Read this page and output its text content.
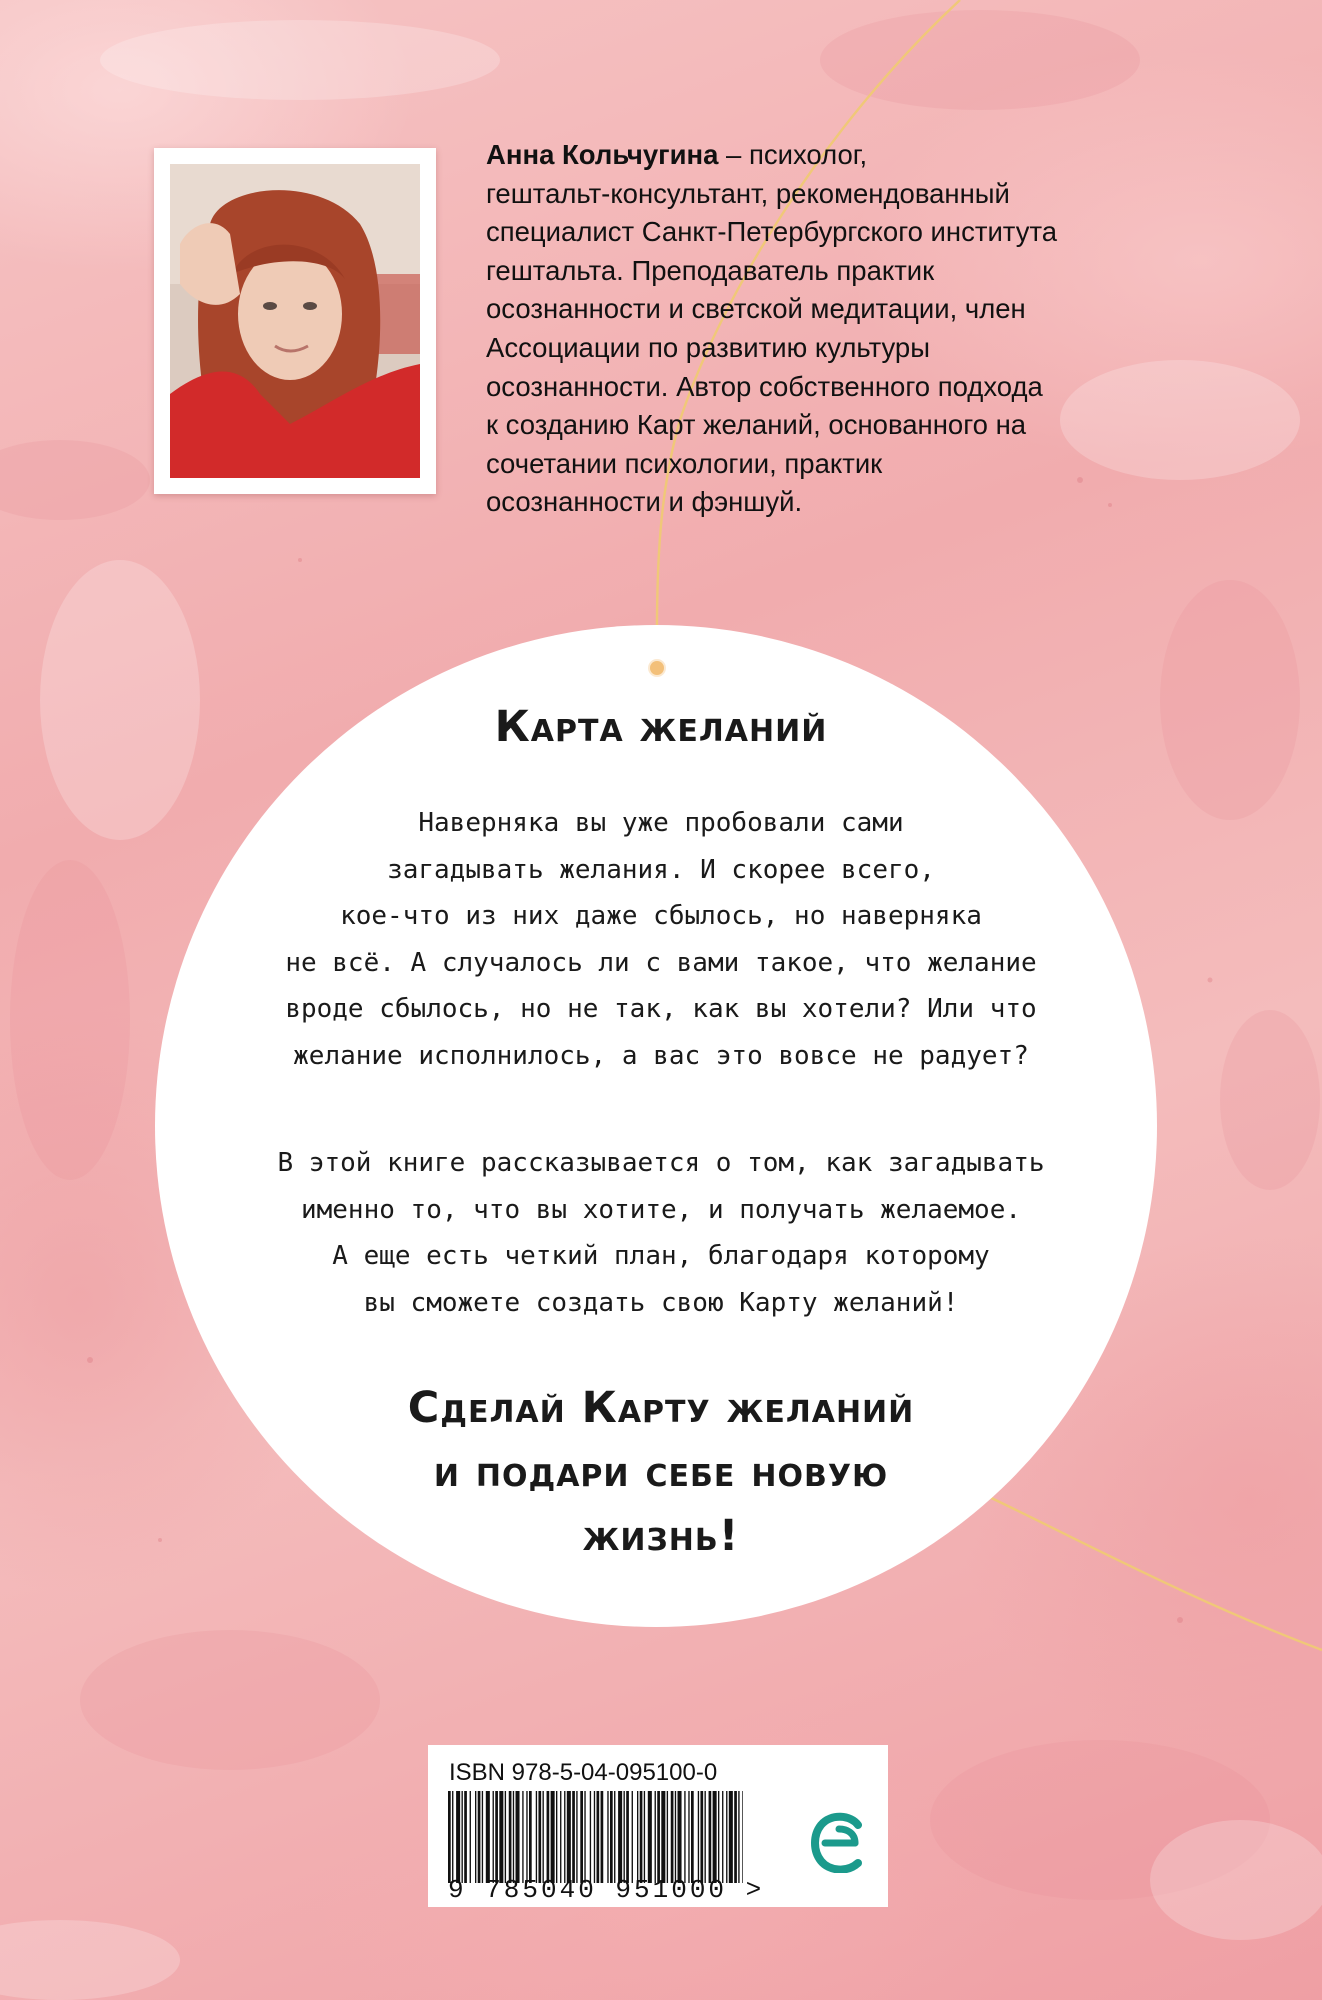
Анна Кольчугина – психолог,
гештальт-консультант, рекомендованный
специалист Санкт-Петербургского института
гештальта. Преподаватель практик
осознанности и светской медитации, член
Ассоциации по развитию культуры
осознанности. Автор собственного подхода
к созданию Карт желаний, основанного на
сочетании психологии, практик
осознанности и фэншуй.
Карта желаний
Наверняка вы уже пробовали сами
загадывать желания. И скорее всего,
кое-что из них даже сбылось, но наверняка
не всё. А случалось ли с вами такое, что желание
вроде сбылось, но не так, как вы хотели? Или что
желание исполнилось, а вас это вовсе не радует?
В этой книге рассказывается о том, как загадывать
именно то, что вы хотите, и получать желаемое.
А еще есть четкий план, благодаря которому
вы сможете создать свою Карту желаний!
Сделай Карту желаний
и подари себе новую
жизнь!
ISBN 978-5-04-095100-0
9 785040 951000 >
